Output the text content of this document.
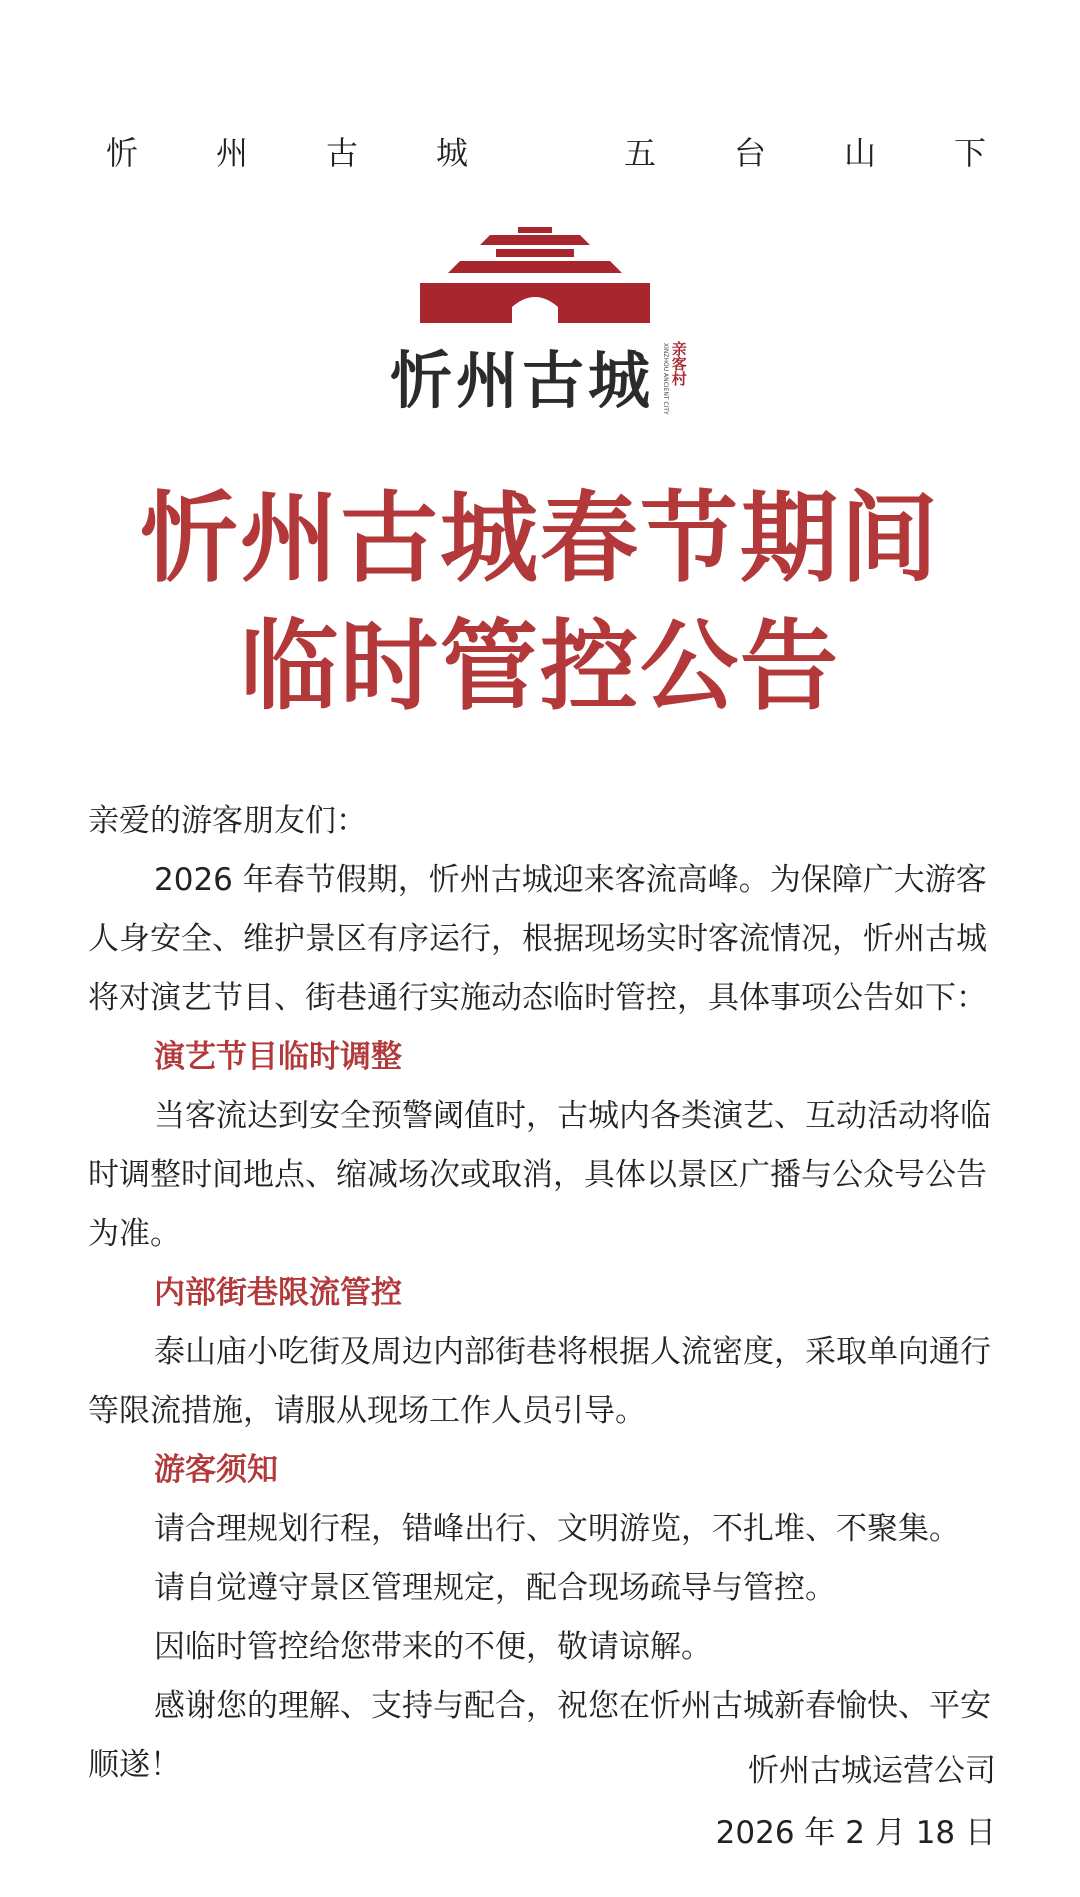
忻 州 古 城	五 台 山 下
忻州古城	XINZHOU ANCIENT CITY 亲客村
忻州古城春节期间
临时管控公告

亲爱的游客朋友们：

2026 年春节假期，忻州古城迎来客流高峰。为保障广大游客人身安全、维护景区有序运行，根据现场实时客流情况，忻州古城将对演艺节目、街巷通行实施动态临时管控，具体事项公告如下：

演艺节目临时调整

当客流达到安全预警阈值时，古城内各类演艺、互动活动将临时调整时间地点、缩减场次或取消，具体以景区广播与公众号公告为准。

内部街巷限流管控

泰山庙小吃街及周边内部街巷将根据人流密度，采取单向通行等限流措施，请服从现场工作人员引导。

游客须知

请合理规划行程，错峰出行、文明游览，不扎堆、不聚集。

请自觉遵守景区管理规定，配合现场疏导与管控。

因临时管控给您带来的不便，敬请谅解。

感谢您的理解、支持与配合，祝您在忻州古城新春愉快、平安顺遂！	忻州古城运营公司
2026 年 2 月 18 日
